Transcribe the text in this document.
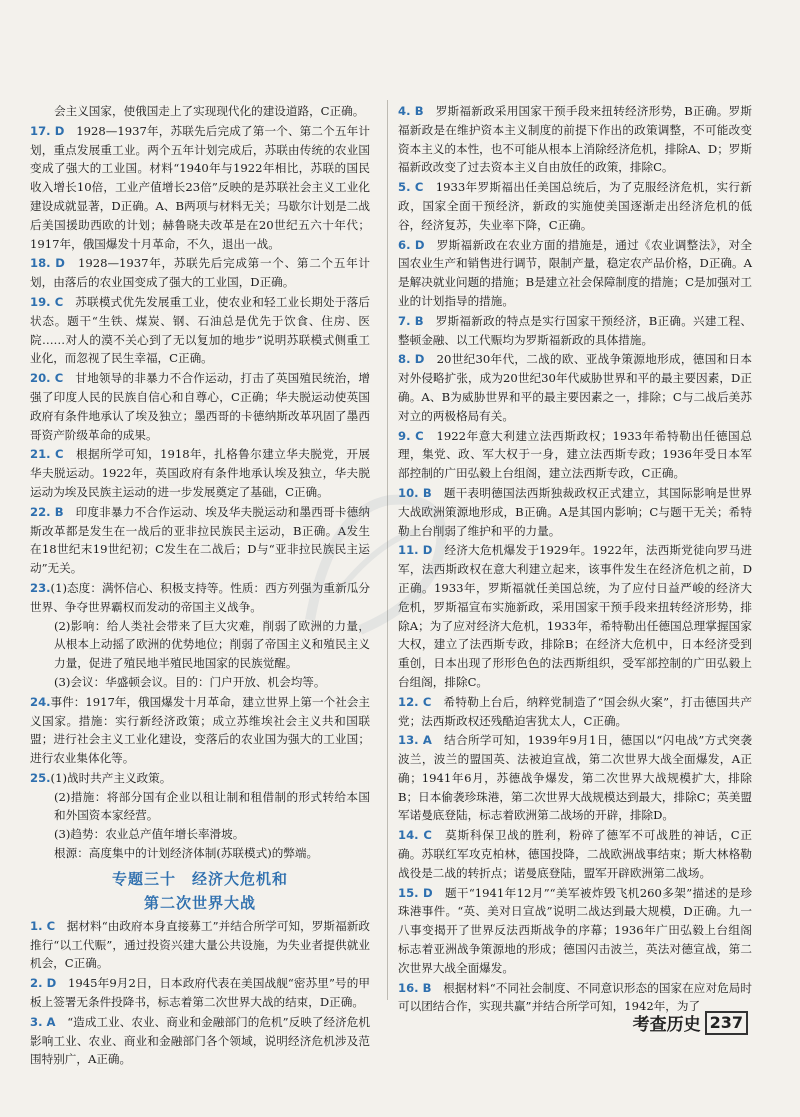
会主义国家，使俄国走上了实现现代化的建设道路，C正确。
17. D　 1928—1937年，苏联先后完成了第一个、第二个五年计划，重点发展重工业。两个五年计划完成后，苏联由传统的农业国变成了强大的工业国。材料“1940年与1922年相比，苏联的国民收入增长10倍，工业产值增长23倍”反映的是苏联社会主义工业化建设成就显著，D正确。A、B两项与材料无关；马歇尔计划是二战后美国援助西欧的计划；赫鲁晓夫改革是在20世纪五六十年代；1917年，俄国爆发十月革命，不久，退出一战。
18. D　 1928—1937年，苏联先后完成第一个、第二个五年计划，由落后的农业国变成了强大的工业国，D正确。
19. C　 苏联模式优先发展重工业，使农业和轻工业长期处于落后状态。题干“生铁、煤炭、钢、石油总是优先于饮食、住房、医院……对人的漠不关心到了无以复加的地步”说明苏联模式侧重工业化，而忽视了民生幸福，C正确。
20. C　 甘地领导的非暴力不合作运动，打击了英国殖民统治，增强了印度人民的民族自信心和自尊心，C正确；华夫脱运动使英国政府有条件地承认了埃及独立；墨西哥的卡德纳斯改革巩固了墨西哥资产阶级革命的成果。
21. C　 根据所学可知，1918年，扎格鲁尔建立华夫脱党，开展华夫脱运动。1922年，英国政府有条件地承认埃及独立，华夫脱运动为埃及民族主运动的进一步发展奠定了基础，C正确。
22. B　 印度非暴力不合作运动、埃及华夫脱运动和墨西哥卡德纳斯改革都是发生在一战后的亚非拉民族民主运动，B正确。A发生在18世纪末19世纪初；C发生在二战后；D与“亚非拉民族民主运动”无关。
23.(1)态度：满怀信心、积极支持等。性质：西方列强为重新瓜分世界、争夺世界霸权而发动的帝国主义战争。
(2)影响：给人类社会带来了巨大灾难，削弱了欧洲的力量，从根本上动摇了欧洲的优势地位；削弱了帝国主义和殖民主义力量，促进了殖民地半殖民地国家的民族觉醒。
(3)会议：华盛顿会议。目的：门户开放、机会均等。
24.事件：1917年，俄国爆发十月革命，建立世界上第一个社会主义国家。措施：实行新经济政策；成立苏维埃社会主义共和国联盟；进行社会主义工业化建设，变落后的农业国为强大的工业国；进行农业集体化等。
25.(1)战时共产主义政策。
(2)措施：将部分国有企业以租让制和租借制的形式转给本国和外国资本家经营。
(3)趋势：农业总产值年增长率滑坡。
根源：高度集中的计划经济体制(苏联模式)的弊端。
专题三十　经济大危机和
第二次世界大战
1. C　 据材料“由政府本身直接募工”并结合所学可知，罗斯福新政推行“以工代赈”，通过投资兴建大量公共设施，为失业者提供就业机会，C正确。
2. D　 1945年9月2日，日本政府代表在美国战舰“密苏里”号的甲板上签署无条件投降书，标志着第二次世界大战的结束，D正确。
3. A　 “造成工业、农业、商业和金融部门的危机”反映了经济危机影响工业、农业、商业和金融部门各个领域，说明经济危机涉及范围特别广，A正确。
4. B　 罗斯福新政采用国家干预手段来扭转经济形势，B正确。罗斯福新政是在维护资本主义制度的前提下作出的政策调整，不可能改变资本主义的本性，也不可能从根本上消除经济危机，排除A、D；罗斯福新政改变了过去资本主义自由放任的政策，排除C。
5. C　 1933年罗斯福出任美国总统后，为了克服经济危机，实行新政，国家全面干预经济，新政的实施使美国逐渐走出经济危机的低谷，经济复苏，失业率下降，C正确。
6. D　 罗斯福新政在农业方面的措施是，通过《农业调整法》，对全国农业生产和销售进行调节，限制产量，稳定农产品价格，D正确。A是解决就业问题的措施；B是建立社会保障制度的措施；C是加强对工业的计划指导的措施。
7. B　 罗斯福新政的特点是实行国家干预经济，B正确。兴建工程、整顿金融、以工代赈均为罗斯福新政的具体措施。
8. D　 20世纪30年代，二战的欧、亚战争策源地形成，德国和日本对外侵略扩张，成为20世纪30年代威胁世界和平的最主要因素，D正确。A、B为威胁世界和平的最主要因素之一，排除；C与二战后美苏对立的两极格局有关。
9. C　 1922年意大利建立法西斯政权；1933年希特勒出任德国总理，集党、政、军大权于一身，建立法西斯专政；1936年受日本军部控制的广田弘毅上台组阁，建立法西斯专政，C正确。
10. B　 题干表明德国法西斯独裁政权正式建立，其国际影响是世界大战欧洲策源地形成，B正确。A是其国内影响；C与题干无关；希特勒上台削弱了维护和平的力量。
11. D　 经济大危机爆发于1929年。1922年，法西斯党徒向罗马进军，法西斯政权在意大利建立起来，该事件发生在经济危机之前，D正确。1933年，罗斯福就任美国总统，为了应付日益严峻的经济大危机，罗斯福宣布实施新政，采用国家干预手段来扭转经济形势，排除A；为了应对经济大危机，1933年，希特勒出任德国总理掌握国家大权，建立了法西斯专政，排除B；在经济大危机中，日本经济受到重创，日本出现了形形色色的法西斯组织，受军部控制的广田弘毅上台组阁，排除C。
12. C　 希特勒上台后，纳粹党制造了“国会纵火案”，打击德国共产党；法西斯政权还残酷迫害犹太人，C正确。
13. A　 结合所学可知，1939年9月1日，德国以“闪电战”方式突袭波兰，波兰的盟国英、法被迫宣战，第二次世界大战全面爆发，A正确；1941年6月，苏德战争爆发，第二次世界大战规模扩大，排除B；日本偷袭珍珠港，第二次世界大战规模达到最大，排除C；英美盟军诺曼底登陆，标志着欧洲第二战场的开辟，排除D。
14. C　 莫斯科保卫战的胜利，粉碎了德军不可战胜的神话，C正确。苏联红军攻克柏林，德国投降，二战欧洲战事结束；斯大林格勒战役是二战的转折点；诺曼底登陆，盟军开辟欧洲第二战场。
15. D　 题干“1941年12月”“美军被炸毁飞机260多架”描述的是珍珠港事件。“英、美对日宣战”说明二战达到最大规模，D正确。九一八事变揭开了世界反法西斯战争的序幕；1936年广田弘毅上台组阁标志着亚洲战争策源地的形成；德国闪击波兰，英法对德宣战，第二次世界大战全面爆发。
16. B　 根据材料“不同社会制度、不同意识形态的国家在应对危局时可以团结合作，实现共赢”并结合所学可知，1942年，为了
考查历史 237
